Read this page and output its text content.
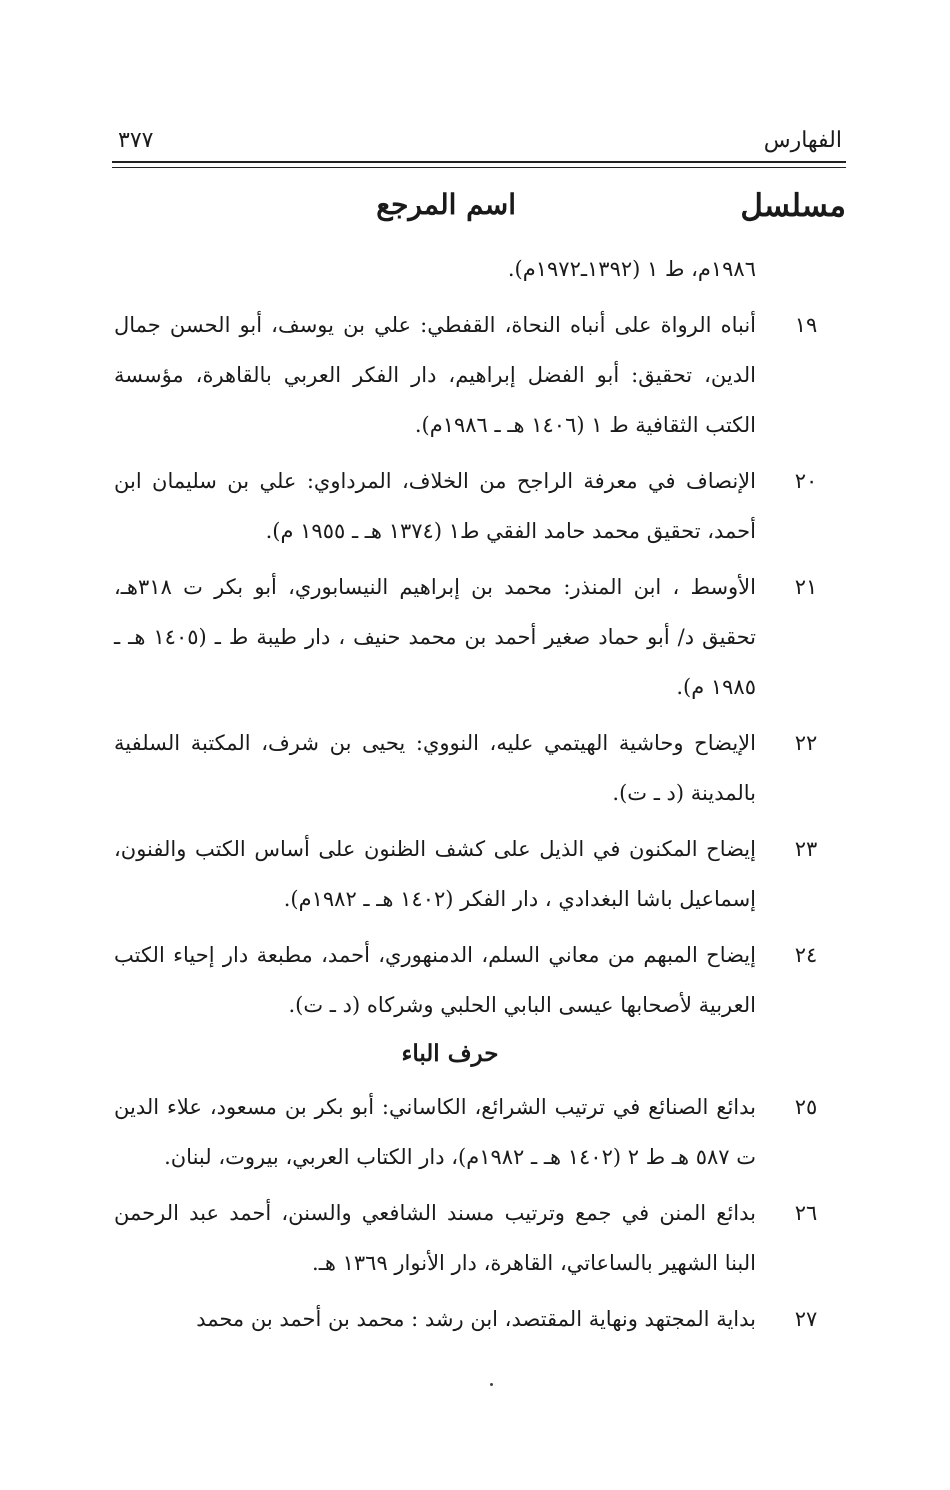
الفهارس
٣٧٧
مسلسل
اسم المرجع
١٩٨٦م، ط ١ (١٣٩٢ـ١٩٧٢م).
١٩
أنباه الرواة على أنباه النحاة، القفطي: علي بن يوسف، أبو الحسن جمال الدين، تحقيق: أبو الفضل إبراهيم، دار الفكر العربي بالقاهرة، مؤسسة الكتب الثقافية ط ١ (١٤٠٦ هـ ـ ١٩٨٦م).
٢٠
الإنصاف في معرفة الراجح من الخلاف، المرداوي: علي بن سليمان ابن أحمد، تحقيق محمد حامد الفقي ط١ (١٣٧٤ هـ ـ ١٩٥٥ م).
٢١
الأوسط ، ابن المنذر: محمد بن إبراهيم النيسابوري، أبو بكر ت ٣١٨هـ، تحقيق د/ أبو حماد صغير أحمد بن محمد حنيف ، دار طيبة ط ـ (١٤٠٥ هـ ـ ١٩٨٥ م).
٢٢
الإيضاح وحاشية الهيتمي عليه، النووي: يحيى بن شرف، المكتبة السلفية بالمدينة (د ـ ت).
٢٣
إيضاح المكنون في الذيل على كشف الظنون على أساس الكتب والفنون، إسماعيل باشا البغدادي ، دار الفكر (١٤٠٢ هـ ـ ١٩٨٢م).
٢٤
إيضاح المبهم من معاني السلم، الدمنهوري، أحمد، مطبعة دار إحياء الكتب العربية لأصحابها عيسى البابي الحلبي وشركاه (د ـ ت).
حرف الباء
٢٥
بدائع الصنائع في ترتيب الشرائع، الكاساني: أبو بكر بن مسعود، علاء الدين ت ٥٨٧ هـ ط ٢ (١٤٠٢ هـ ـ ١٩٨٢م)، دار الكتاب العربي، بيروت، لبنان.
٢٦
بدائع المنن في جمع وترتيب مسند الشافعي والسنن، أحمد عبد الرحمن البنا الشهير بالساعاتي، القاهرة، دار الأنوار ١٣٦٩ هـ.
٢٧
بداية المجتهد ونهاية المقتصد، ابن رشد : محمد بن أحمد بن محمد
